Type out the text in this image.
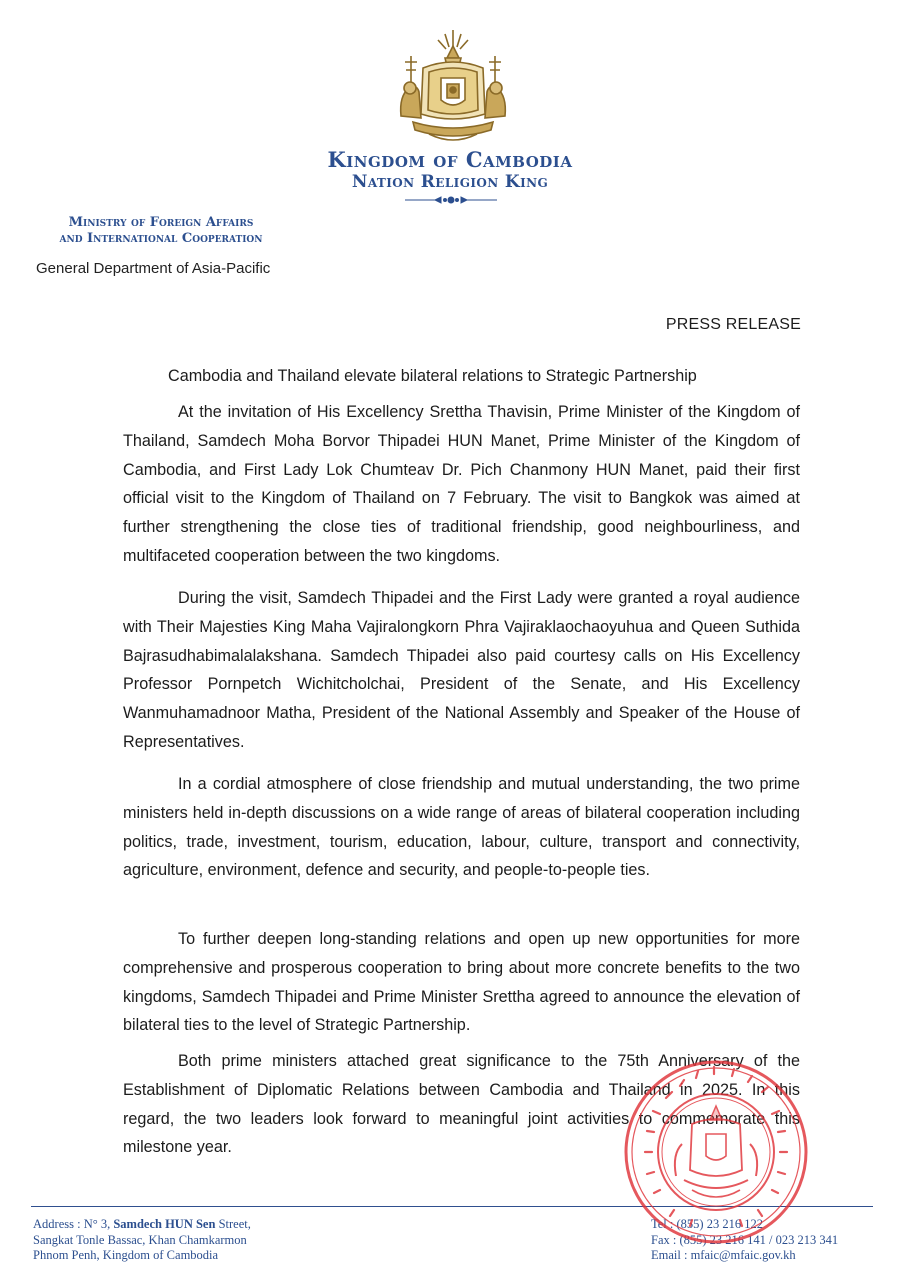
Kingdom of Cambodia
Nation Religion King
Ministry of Foreign Affairs
and International Cooperation
General Department of Asia-Pacific
PRESS RELEASE
Cambodia and Thailand elevate bilateral relations to Strategic Partnership

At the invitation of His Excellency Srettha Thavisin, Prime Minister of the Kingdom of Thailand, Samdech Moha Borvor Thipadei HUN Manet, Prime Minister of the Kingdom of Cambodia, and First Lady Lok Chumteav Dr. Pich Chanmony HUN Manet, paid their first official visit to the Kingdom of Thailand on 7 February. The visit to Bangkok was aimed at further strengthening the close ties of traditional friendship, good neighbourliness, and multifaceted cooperation between the two kingdoms.

During the visit, Samdech Thipadei and the First Lady were granted a royal audience with Their Majesties King Maha Vajiralongkorn Phra Vajiraklaochaoyuhua and Queen Suthida Bajrasudhabimalalakshana. Samdech Thipadei also paid courtesy calls on His Excellency Professor Pornpetch Wichitcholchai, President of the Senate, and His Excellency Wanmuhamadnoor Matha, President of the National Assembly and Speaker of the House of Representatives.

In a cordial atmosphere of close friendship and mutual understanding, the two prime ministers held in-depth discussions on a wide range of areas of bilateral cooperation including politics, trade, investment, tourism, education, labour, culture, transport and connectivity, agriculture, environment, defence and security, and people-to-people ties.

To further deepen long-standing relations and open up new opportunities for more comprehensive and prosperous cooperation to bring about more concrete benefits to the two kingdoms, Samdech Thipadei and Prime Minister Srettha agreed to announce the elevation of bilateral ties to the level of Strategic Partnership.

Both prime ministers attached great significance to the 75th Anniversary of the Establishment of Diplomatic Relations between Cambodia and Thailand in 2025. In this regard, the two leaders look forward to meaningful joint activities to commemorate this milestone year.

Address : N° 3, Samdech HUN Sen Street,
Sangkat Tonle Bassac, Khan Chamkarmon
Phnom Penh, Kingdom of Cambodia
Tel : (855) 23 216 122
Fax : (855) 23 216 141 / 023 213 341
Email : mfaic@mfaic.gov.kh
